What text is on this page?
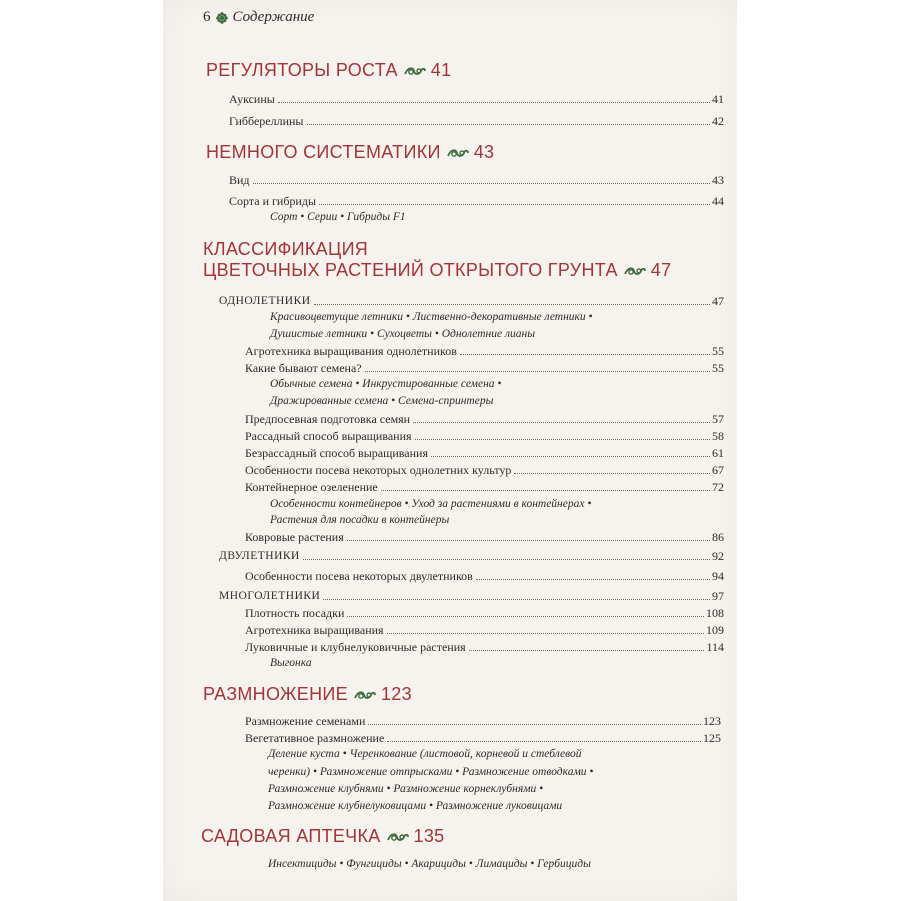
6 Содержание
РЕГУЛЯТОРЫ РОСТА 41
Ауксины	41
Гиббереллины	42
НЕМНОГО СИСТЕМАТИКИ 43
Вид	43
Сорта и гибриды	44
Сорт • Серии • Гибриды F1
КЛАССИФИКАЦИЯ
ЦВЕТОЧНЫХ РАСТЕНИЙ ОТКРЫТОГО ГРУНТА 47
ОДНОЛЕТНИКИ	47
Красивоцветущие летники • Лиственно-декоративные летники •
Душистые летники • Сухоцветы • Однолетние лианы
Агротехника выращивания однолетников	55
Какие бывают семена?	55
Обычные семена • Инкрустированные семена •
Дражированные семена • Семена-спринтеры
Предпосевная подготовка семян	57
Рассадный способ выращивания	58
Безрассадный способ выращивания	61
Особенности посева некоторых однолетних культур	67
Контейнерное озеленение	72
Особенности контейнеров • Уход за растениями в контейнерах •
Растения для посадки в контейнеры
Ковровые растения	86
ДВУЛЕТНИКИ	92
Особенности посева некоторых двулетников	94
МНОГОЛЕТНИКИ	97
Плотность посадки	108
Агротехника выращивания	109
Луковичные и клубнелуковичные растения	114
Выгонка
РАЗМНОЖЕНИЕ 123
Размножение семенами	123
Вегетативное размножение	125
Деление куста • Черенкование (листовой, корневой и стеблевой
черенки) • Размножение отпрысками • Размножение отводками •
Размножение клубнями • Размножение корнеклубнями •
Размножение клубнелуковицами • Размножение луковицами
САДОВАЯ АПТЕЧКА 135
Инсектициды • Фунгициды • Акарициды • Лимациды • Гербициды
